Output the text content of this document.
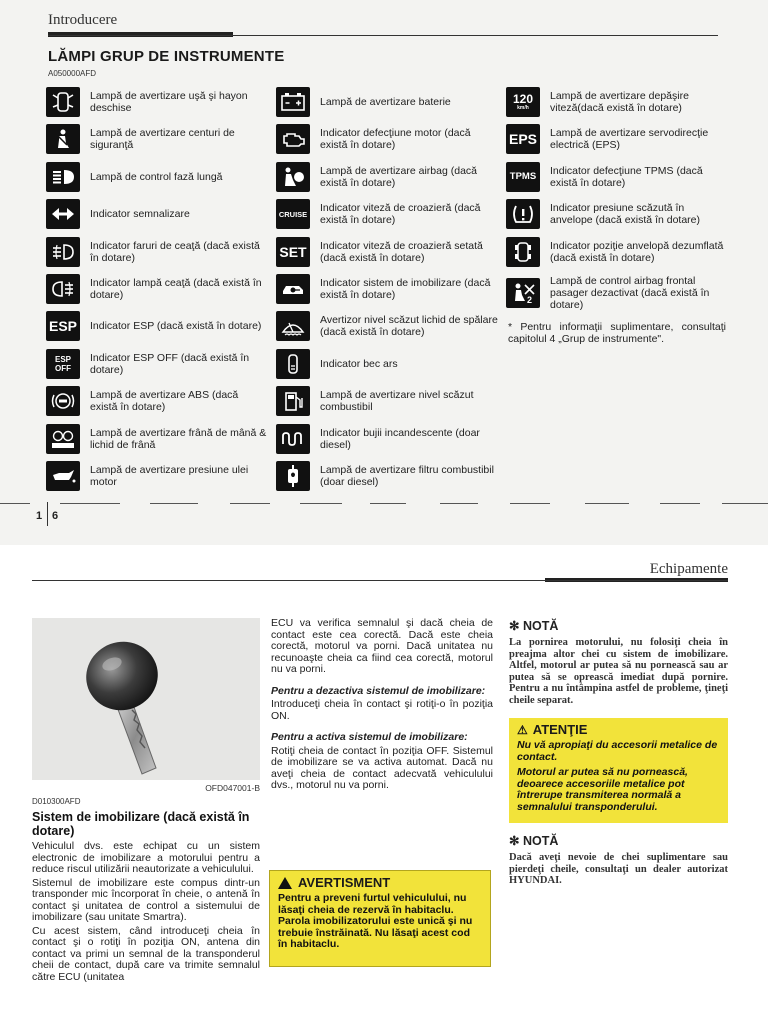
Introducere
LĂMPI GRUP DE INSTRUMENTE
A050000AFD
Lampă de avertizare uşă şi hayon deschise
Lampă de avertizare centuri de siguranţă
Lampă de control fază lungă
Indicator semnalizare
Indicator faruri de ceaţă (dacă există în dotare)
Indicator lampă ceaţă (dacă există în dotare)
ESP Indicator ESP (dacă există în dotare)
ESP
OFF
Indicator ESP OFF (dacă există în dotare)
Lampă de avertizare ABS (dacă există în dotare)
Lampă de avertizare frână de mână & lichid de frână
Lampă de avertizare presiune ulei motor
Lampă de avertizare baterie
Indicator defecţiune motor (dacă există în dotare)
Lampă de avertizare airbag (dacă există în dotare)
CRUISE Indicator viteză de croazieră (dacă există în dotare)
SET	Indicator viteză de croazieră setată (dacă există în dotare)
Indicator sistem de imobilizare (dacă există în dotare)
Avertizor nivel scăzut lichid de spălare (dacă există în dotare)
Indicator bec ars
Lampă de avertizare nivel scăzut combustibil
Indicator bujii incandescente (doar diesel)
Lampă de avertizare filtru combustibil (doar diesel)
120
km/h
Lampă de avertizare depăşire viteză(dacă există în dotare)
EPS Lampă de avertizare servodirecţie electrică (EPS)
TPMS	Indicator defecţiune TPMS (dacă există în dotare)
Indicator presiune scăzută în anvelope (dacă există în dotare)
Indicator poziţie anvelopă dezumflată (dacă există în dotare)
2
Lampă de control airbag frontal pasager dezactivat (dacă există în dotare)
* Pentru informaţii suplimentare, consultaţi capitolul 4 „Grup de instrumente".
1 6
Echipamente
OFD047001-B
D010300AFD
Sistem de imobilizare (dacă există în dotare)

Vehiculul dvs. este echipat cu un sistem electronic de imobilizare a motorului pentru a reduce riscul utilizării neautorizate a vehiculului.

Sistemul de imobilizare este compus dintr-un transponder mic încorporat în cheie, o antenă în contact şi unitatea de control a sistemului de imobilizare (sau unitate Smartra).

Cu acest sistem, când introduceţi cheia în contact şi o rotiţi în poziţia ON, antena din contact va primi un semnal de la transponderul cheii de contact, după care va trimite semnalul către ECU (unitatea

ECU va verifica semnalul şi dacă cheia de contact este cea corectă. Dacă este cheia corectă, motorul va porni. Dacă unitatea nu recunoaşte cheia ca fiind cea corectă, motorul nu va porni.

Pentru a dezactiva sistemul de imobilizare:

Introduceţi cheia în contact şi rotiţi-o în poziţia ON.

Pentru a activa sistemul de imobilizare:

Rotiţi cheia de contact în poziţia OFF. Sistemul de imobilizare se va activa automat. Dacă nu aveţi cheia de contact adecvată vehiculului dvs., motorul nu va porni.

AVERTISMENT
Pentru a preveni furtul vehiculului, nu lăsaţi cheia de rezervă în habitaclu. Parola imobilizatorului este unică şi nu trebuie înstrăinată. Nu lăsaţi acest cod în habitaclu.
✻ NOTĂ
La pornirea motorului, nu folosiţi cheia în preajma altor chei cu sistem de imobilizare. Altfel, motorul ar putea să nu pornească sau ar putea să se oprească imediat după pornire. Pentru a nu întâmpina astfel de probleme, ţineţi cheile separat.
⚠ ATENŢIE

Nu vă apropiaţi du accesorii metalice de contact.

Motorul ar putea să nu pornească, deoarece accesoriile metalice pot întrerupe transmiterea normală a semnalului transponderului.

✻ NOTĂ
Dacă aveţi nevoie de chei suplimentare sau pierdeţi cheile, consultaţi un dealer autorizat HYUNDAI.
